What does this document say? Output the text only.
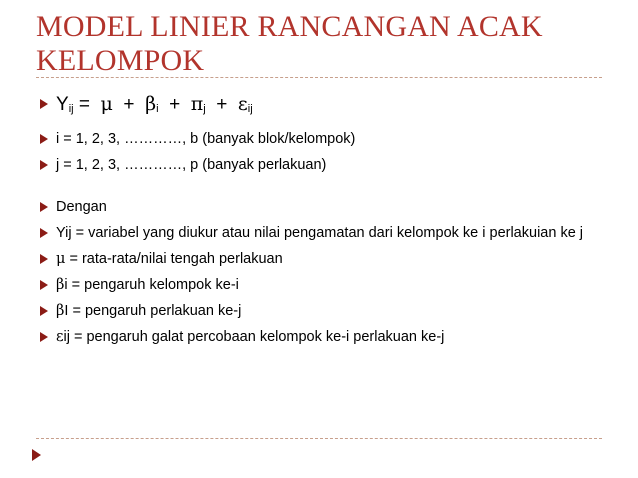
MODEL LINIER RANCANGAN ACAK
KELOMPOK
$Y_{ij} = \mu + \beta_i + \pi_j + \varepsilon_{ij}$
i = 1, 2, 3, …………, b (banyak blok/kelompok)
j = 1, 2, 3, …………, p (banyak perlakuan)
Dengan
Yij = variabel yang diukur atau nilai pengamatan dari kelompok ke i perlakuian ke j
μ = rata-rata/nilai tengah perlakuan
βi = pengaruh kelompok ke-i
βI = pengaruh perlakuan ke-j
εij = pengaruh galat percobaan kelompok ke-i perlakuan ke-j
